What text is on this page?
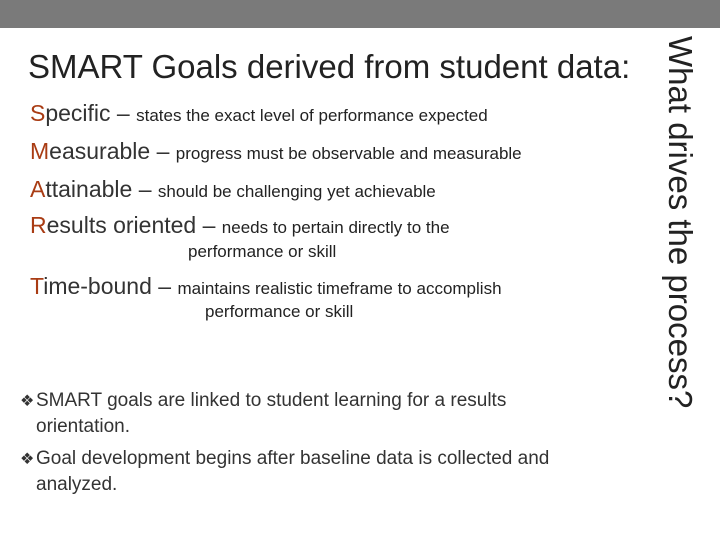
SMART Goals derived from student data: What drives the process?
Specific – states the exact level of performance expected
Measurable – progress must be observable and measurable
Attainable – should be challenging yet achievable
Results oriented – needs to pertain directly to the
performance or skill
Time-bound – maintains realistic timeframe to accomplish
performance or skill
❖SMART goals are linked to student learning for a results
orientation.
❖Goal development begins after baseline data is collected and
analyzed.
